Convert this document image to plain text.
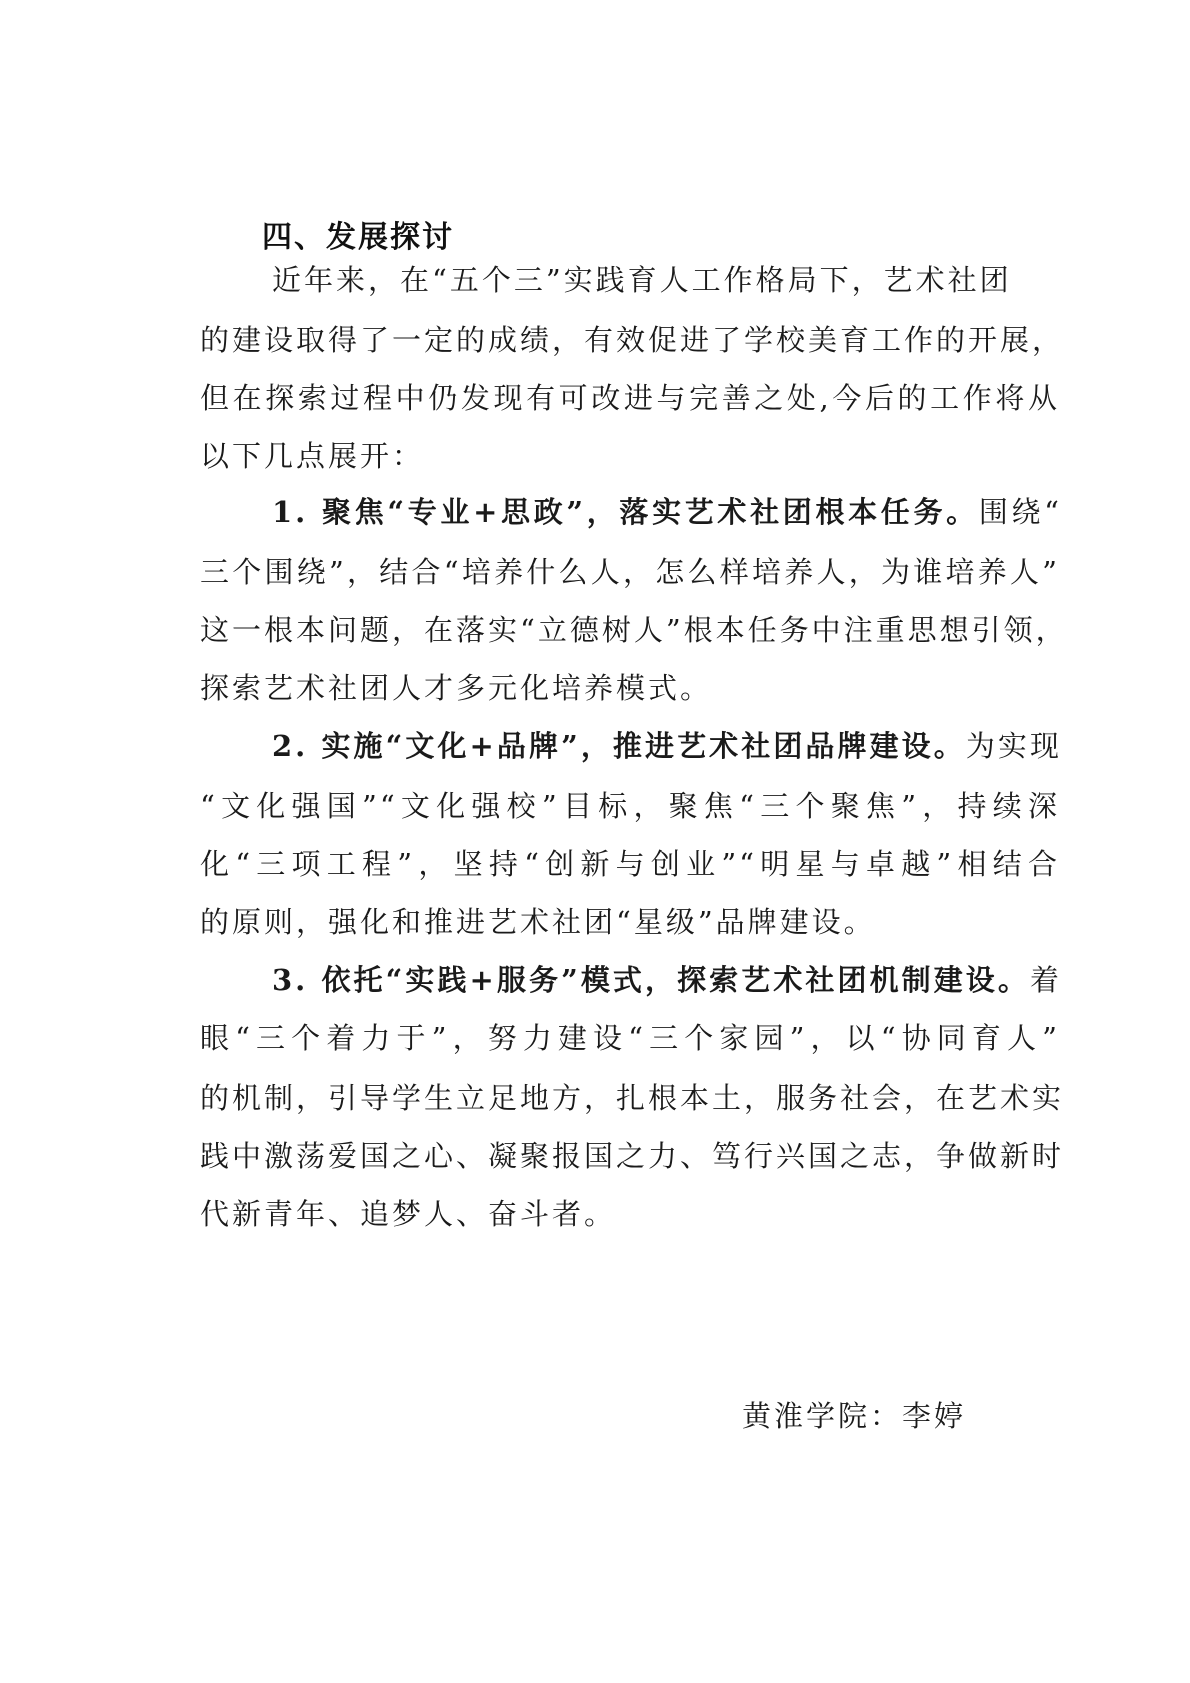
四、发展探讨

近年来，在“五个三”实践育人工作格局下，艺术社团

的建设取得了一定的成绩，有效促进了学校美育工作的开展，

但在探索过程中仍发现有可改进与完善之处,今后的工作将从

以下几点展开：

1. 聚焦“专业+思政”，落实艺术社团根本任务。围绕“

三个围绕”，结合“培养什么人，怎么样培养人，为谁培养人”

这一根本问题，在落实“立德树人”根本任务中注重思想引领，

探索艺术社团人才多元化培养模式。

2. 实施“文化+品牌”，推进艺术社团品牌建设。为实现

“文化强国”“文化强校”目标，聚焦“三个聚焦”，持续深

化“三项工程”，坚持“创新与创业”“明星与卓越”相结合

的原则，强化和推进艺术社团“星级”品牌建设。

3. 依托“实践+服务”模式，探索艺术社团机制建设。着

眼“三个着力于”，努力建设“三个家园”，以“协同育人”

的机制，引导学生立足地方，扎根本土，服务社会，在艺术实

践中激荡爱国之心、凝聚报国之力、笃行兴国之志，争做新时

代新青年、追梦人、奋斗者。

黄淮学院：李婷
